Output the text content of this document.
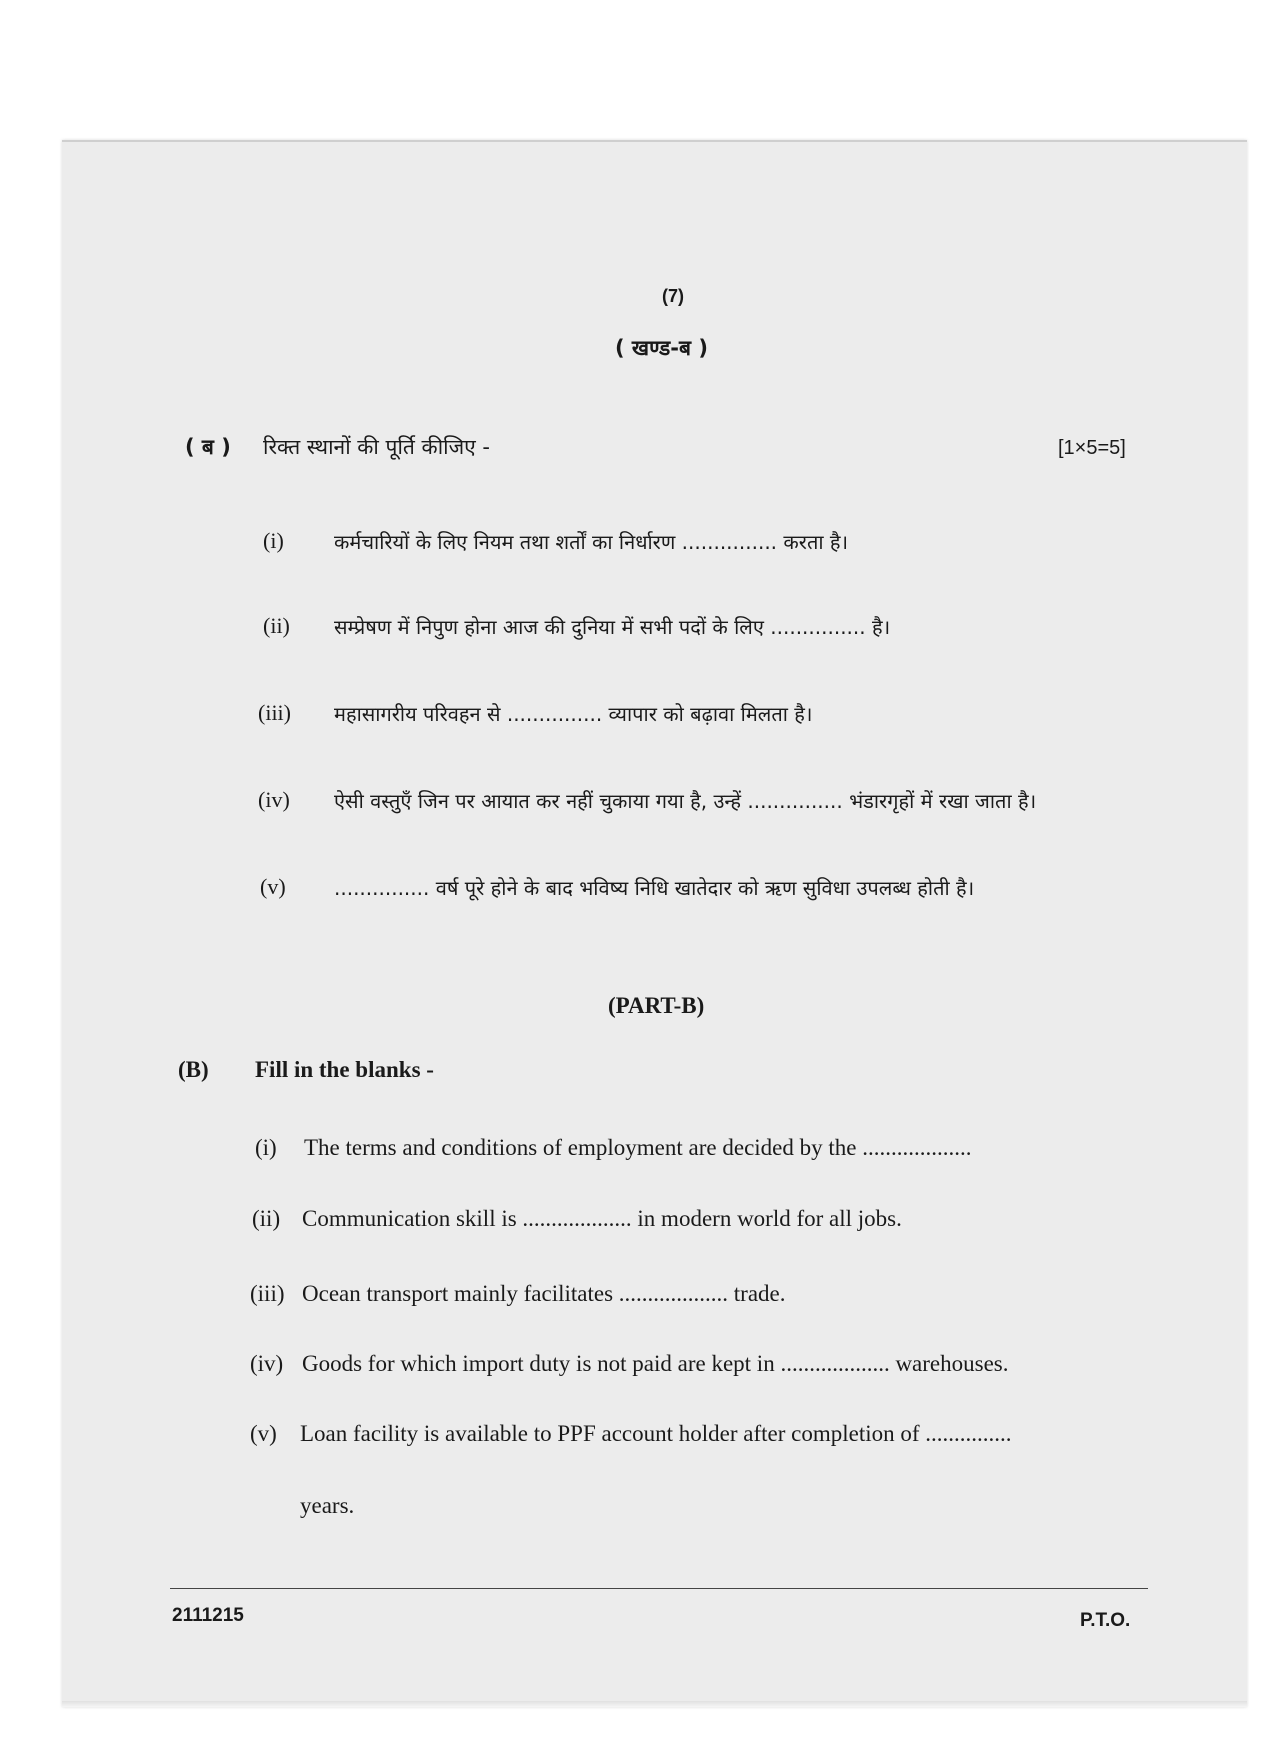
(7)
( खण्ड-ब )
( ब ) रिक्त स्थानों की पूर्ति कीजिए -	[1×5=5]
(i)	कर्मचारियों के लिए नियम तथा शर्तों का निर्धारण ............... करता है।
(ii) सम्प्रेषण में निपुण होना आज की दुनिया में सभी पदों के लिए ............... है।
(iii) महासागरीय परिवहन से ............... व्यापार को बढ़ावा मिलता है।
(iv) ऐसी वस्तुएँ जिन पर आयात कर नहीं चुकाया गया है, उन्हें ............... भंडारगृहों में रखा जाता है।
(v) ............... वर्ष पूरे होने के बाद भविष्य निधि खातेदार को ऋण सुविधा उपलब्ध होती है।
(PART-B)
(B) Fill in the blanks -
(i) The terms and conditions of employment are decided by the ...................
(ii) Communication skill is ................... in modern world for all jobs.
(iii) Ocean transport mainly facilitates ................... trade.
(iv) Goods for which import duty is not paid are kept in ................... warehouses.
(v) Loan facility is available to PPF account holder after completion of ...............
years.
2111215	P.T.O.
